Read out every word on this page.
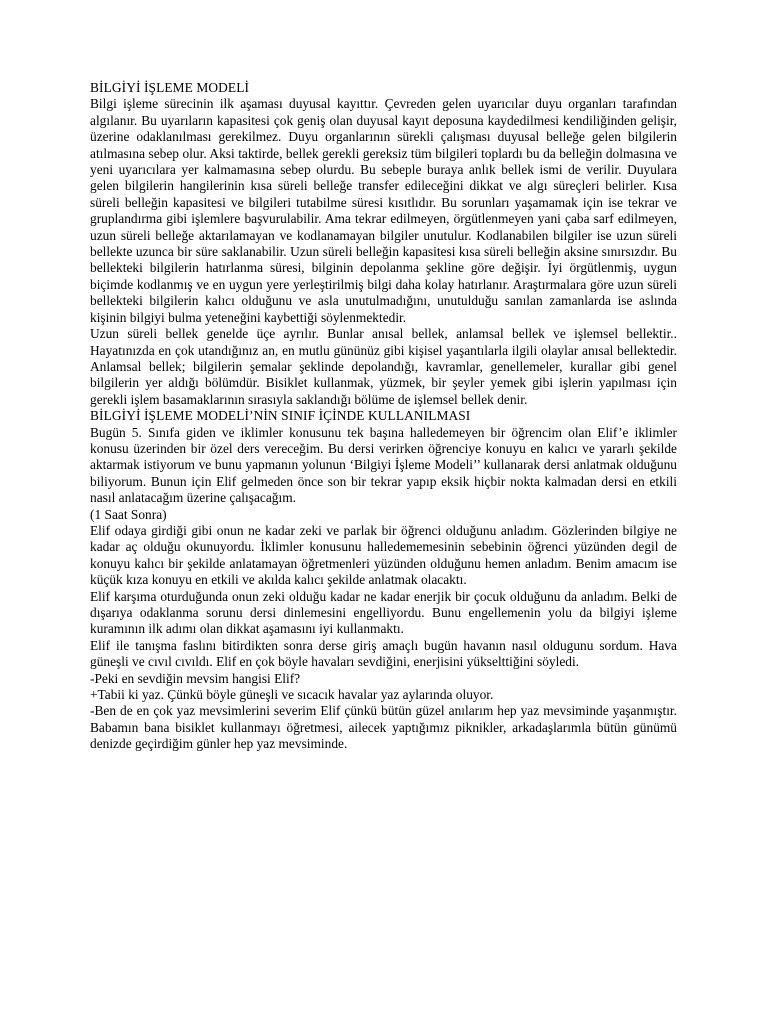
BİLGİYİ İŞLEME MODELİ

Bilgi işleme sürecinin ilk aşaması duyusal kayıttır. Çevreden gelen uyarıcılar duyu organları tarafından algılanır. Bu uyarıların kapasitesi çok geniş olan duyusal kayıt deposuna kaydedilmesi kendiliğinden gelişir, üzerine odaklanılması gerekilmez. Duyu organlarının sürekli çalışması duyusal belleğe gelen bilgilerin atılmasına sebep olur. Aksi taktirde, bellek gerekli gereksiz tüm bilgileri toplardı bu da belleğin dolmasına ve yeni uyarıcılara yer kalmamasına sebep olurdu. Bu sebeple buraya anlık bellek ismi de verilir. Duyulara gelen bilgilerin hangilerinin kısa süreli belleğe transfer edileceğini dikkat ve algı süreçleri belirler. Kısa süreli belleğin kapasitesi ve bilgileri tutabilme süresi kısıtlıdır. Bu sorunları yaşamamak için ise tekrar ve gruplandırma gibi işlemlere başvurulabilir. Ama tekrar edilmeyen, örgütlenmeyen yani çaba sarf edilmeyen, uzun süreli belleğe aktarılamayan ve kodlanamayan bilgiler unutulur. Kodlanabilen bilgiler ise uzun süreli bellekte uzunca bir süre saklanabilir. Uzun süreli belleğin kapasitesi kısa süreli belleğin aksine sınırsızdır. Bu bellekteki bilgilerin hatırlanma süresi, bilginin depolanma şekline göre değişir. İyi örgütlenmiş, uygun biçimde kodlanmış ve en uygun yere yerleştirilmiş bilgi daha kolay hatırlanır. Araştırmalara göre uzun süreli bellekteki bilgilerin kalıcı olduğunu ve asla unutulmadığını, unutulduğu sanılan zamanlarda ise aslında kişinin bilgiyi bulma yeteneğini kaybettiği söylenmektedir.

Uzun süreli bellek genelde üçe ayrılır. Bunlar anısal bellek, anlamsal bellek ve işlemsel bellektir.. Hayatınızda en çok utandığınız an, en mutlu gününüz gibi kişisel yaşantılarla ilgili olaylar anısal bellektedir. Anlamsal bellek; bilgilerin şemalar şeklinde depolandığı, kavramlar, genellemeler, kurallar gibi genel bilgilerin yer aldığı bölümdür. Bisiklet kullanmak, yüzmek, bir şeyler yemek gibi işlerin yapılması için gerekli işlem basamaklarının sırasıyla saklandığı bölüme de işlemsel bellek denir.

BİLGİYİ İŞLEME MODELİ’NİN SINIF İÇİNDE KULLANILMASI

Bugün 5. Sınıfa giden ve iklimler konusunu tek başına halledemeyen bir öğrencim olan Elif’e iklimler konusu üzerinden bir özel ders vereceğim. Bu dersi verirken öğrenciye konuyu en kalıcı ve yararlı şekilde aktarmak istiyorum ve bunu yapmanın yolunun ‘Bilgiyi İşleme Modeli’’ kullanarak dersi anlatmak olduğunu biliyorum. Bunun için Elif gelmeden önce son bir tekrar yapıp eksik hiçbir nokta kalmadan dersi en etkili nasıl anlatacağım üzerine çalışacağım.

(1 Saat Sonra)

Elif odaya girdiği gibi onun ne kadar zeki ve parlak bir öğrenci olduğunu anladım. Gözlerinden bilgiye ne kadar aç olduğu okunuyordu. İklimler konusunu halledememesinin sebebinin öğrenci yüzünden degil de konuyu kalıcı bir şekilde anlatamayan öğretmenleri yüzünden olduğunu hemen anladım. Benim amacım ise küçük kıza konuyu en etkili ve akılda kalıcı şekilde anlatmak olacaktı.

Elif karşıma oturduğunda onun zeki olduğu kadar ne kadar enerjik bir çocuk olduğunu da anladım. Belki de dışarıya odaklanma sorunu dersi dinlemesini engelliyordu. Bunu engellemenin yolu da bilgiyi işleme kuramının ilk adımı olan dikkat aşamasını iyi kullanmaktı.

Elif ile tanışma faslını bitirdikten sonra derse giriş amaçlı bugün havanın nasıl oldugunu sordum. Hava güneşli ve cıvıl cıvıldı. Elif en çok böyle havaları sevdiğini, enerjisini yükselttiğini söyledi.

-Peki en sevdiğin mevsim hangisi Elif?

+Tabii ki yaz. Çünkü böyle güneşli ve sıcacık havalar yaz aylarında oluyor.

-Ben de en çok yaz mevsimlerini severim Elif çünkü bütün güzel anılarım hep yaz mevsiminde yaşanmıştır. Babamın bana bisiklet kullanmayı öğretmesi, ailecek yaptığımız piknikler, arkadaşlarımla bütün günümü denizde geçirdiğim günler hep yaz mevsiminde.
